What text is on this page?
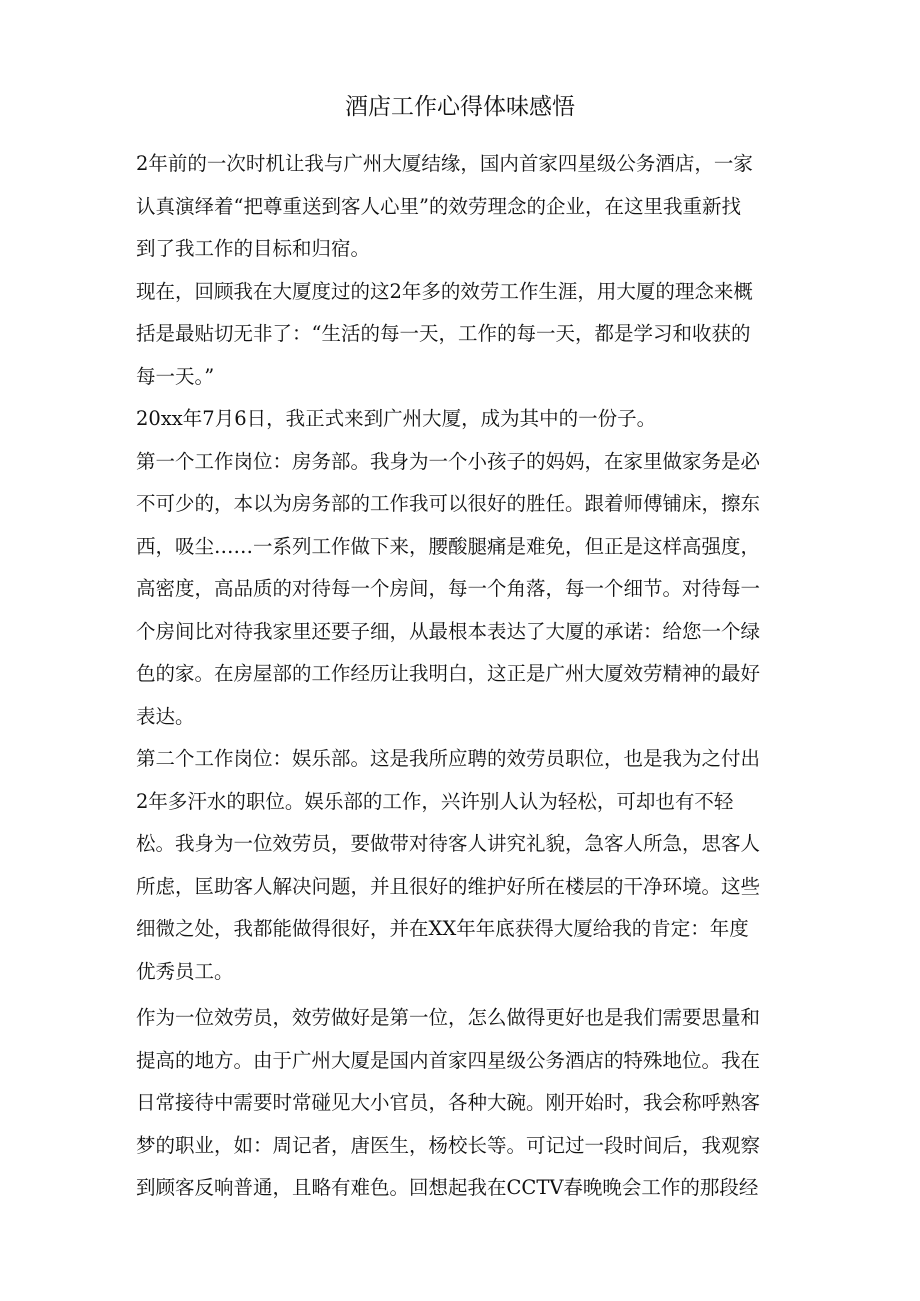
酒店工作心得体味感悟

2年前的一次时机让我与广州大厦结缘，国内首家四星级公务酒店，一家
认真演绎着“把尊重送到客人心里”的效劳理念的企业，在这里我重新找
到了我工作的目标和归宿。

现在，回顾我在大厦度过的这2年多的效劳工作生涯，用大厦的理念来概
括是最贴切无非了：“生活的每一天，工作的每一天，都是学习和收获的
每一天。”

20xx年7月6日，我正式来到广州大厦，成为其中的一份子。

第一个工作岗位：房务部。我身为一个小孩子的妈妈，在家里做家务是必
不可少的，本以为房务部的工作我可以很好的胜任。跟着师傅铺床，擦东
西，吸尘……一系列工作做下来，腰酸腿痛是难免，但正是这样高强度，
高密度，高品质的对待每一个房间，每一个角落，每一个细节。对待每一
个房间比对待我家里还要子细，从最根本表达了大厦的承诺：给您一个绿
色的家。在房屋部的工作经历让我明白，这正是广州大厦效劳精神的最好
表达。

第二个工作岗位：娱乐部。这是我所应聘的效劳员职位，也是我为之付出
2年多汗水的职位。娱乐部的工作，兴许别人认为轻松，可却也有不轻
松。我身为一位效劳员，要做带对待客人讲究礼貌，急客人所急，思客人
所虑，匡助客人解决问题，并且很好的维护好所在楼层的干净环境。这些
细微之处，我都能做得很好，并在XX年年底获得大厦给我的肯定：年度
优秀员工。

作为一位效劳员，效劳做好是第一位，怎么做得更好也是我们需要思量和
提高的地方。由于广州大厦是国内首家四星级公务酒店的特殊地位。我在
日常接待中需要时常碰见大小官员，各种大碗。刚开始时，我会称呼熟客
梦的职业，如：周记者，唐医生，杨校长等。可记过一段时间后，我观察
到顾客反响普通，且略有难色。回想起我在CCTV春晚晚会工作的那段经
